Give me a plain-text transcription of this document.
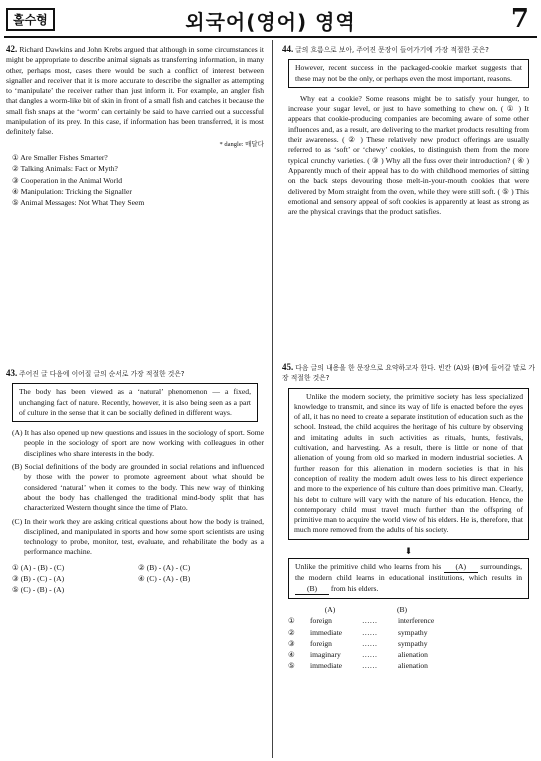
홀수형	외국어(영어) 영역	7
42. Richard Dawkins and John Krebs argued that although in some circumstances it might be appropriate to describe animal signals as transferring information, in many other, perhaps most, cases there would be such a conflict of interest between signaller and receiver that it is more accurate to describe the signaller as attempting to ‘manipulate’ the receiver rather than just inform it. For example, an angler fish that dangles a worm-like bit of skin in front of a small fish and catches it because the small fish snaps at the ‘worm’ can certainly be said to have carried out a successful manipulation of its prey. In this case, if information has been transferred, it is most definitely false.
* dangle: 매달다
① Are Smaller Fishes Smarter?
② Talking Animals: Fact or Myth?
③ Cooperation in the Animal World
④ Manipulation: Tricking the Signaller
⑤ Animal Messages: Not What They Seem
43. 주어진 글 다음에 이어질 글의 순서로 가장 적절한 것은?
The body has been viewed as a ‘natural’ phenomenon — a fixed, unchanging fact of nature. Recently, however, it is also being seen as a part of culture in the sense that it can be socially defined in different ways.
(A) It has also opened up new questions and issues in the sociology of sport. Some people in the sociology of sport are now working with colleagues in other disciplines who share interests in the body.
(B) Social definitions of the body are grounded in social relations and influenced by those with the power to promote agreement about what should be considered ‘natural’ when it comes to the body. This new way of thinking about the body has challenged the traditional mind-body split that has characterized Western thought since the time of Plato.
(C) In their work they are asking critical questions about how the body is trained, disciplined, and manipulated in sports and how some sport scientists are using technology to probe, monitor, test, evaluate, and rehabilitate the body as a performance machine.
① (A) - (B) - (C)	② (B) - (A) - (C)
③ (B) - (C) - (A)	④ (C) - (A) - (B)
⑤ (C) - (B) - (A)
44. 글의 흐름으로 보아, 주어진 문장이 들어가기에 가장 적절한 곳은?
However, recent success in the packaged-cookie market suggests that these may not be the only, or perhaps even the most important, reasons.

Why eat a cookie? Some reasons might be to satisfy your hunger, to increase your sugar level, or just to have something to chew on. ( ① ) It appears that cookie-producing companies are becoming aware of some other influences and, as a result, are delivering to the market products resulting from their awareness. ( ② ) These relatively new product offerings are usually referred to as ‘soft’ or ‘chewy’ cookies, to distinguish them from the more typical crunchy varieties. ( ③ ) Why all the fuss over their introduction? ( ④ ) Apparently much of their appeal has to do with childhood memories of sitting on the back steps devouring those melt-in-your-mouth cookies that were delivered by Mom straight from the oven, while they were still soft. ( ⑤ ) This emotional and sensory appeal of soft cookies is apparently at least as strong as are the physical cravings that the product satisfies.

45. 다음 글의 내용을 한 문장으로 요약하고자 한다. 빈칸 (A)와 (B)에 들어갈 말로 가장 적절한 것은?

Unlike the modern society, the primitive society has less specialized knowledge to transmit, and since its way of life is enacted before the eyes of all, it has no need to create a separate institution of education such as the school. Instead, the child acquires the heritage of his culture by observing and imitating adults in such activities as rituals, hunts, festivals, cultivation, and harvesting. As a result, there is little or none of that alienation of young from old so marked in modern industrial societies. A further reason for this alienation in modern societies is that in his conception of reality the modern adult owes less to his direct experience and more to the experience of his culture than does primitive man. Clearly, his debt to culture will vary with the nature of his education. Hence, the contemporary child must travel much further than the offspring of primitive man to acquire the world view of his elders. He is, therefore, that much more removed from the adults of his society.

⬇
Unlike the primitive child who learns from his (A) surroundings, the modern child learns in educational institutions, which results in (B) from his elders.
(A)	(B)
①	foreign	……	interference
②	immediate	……	sympathy
③	foreign	……	sympathy
④	imaginary	……	alienation
⑤	immediate	……	alienation
